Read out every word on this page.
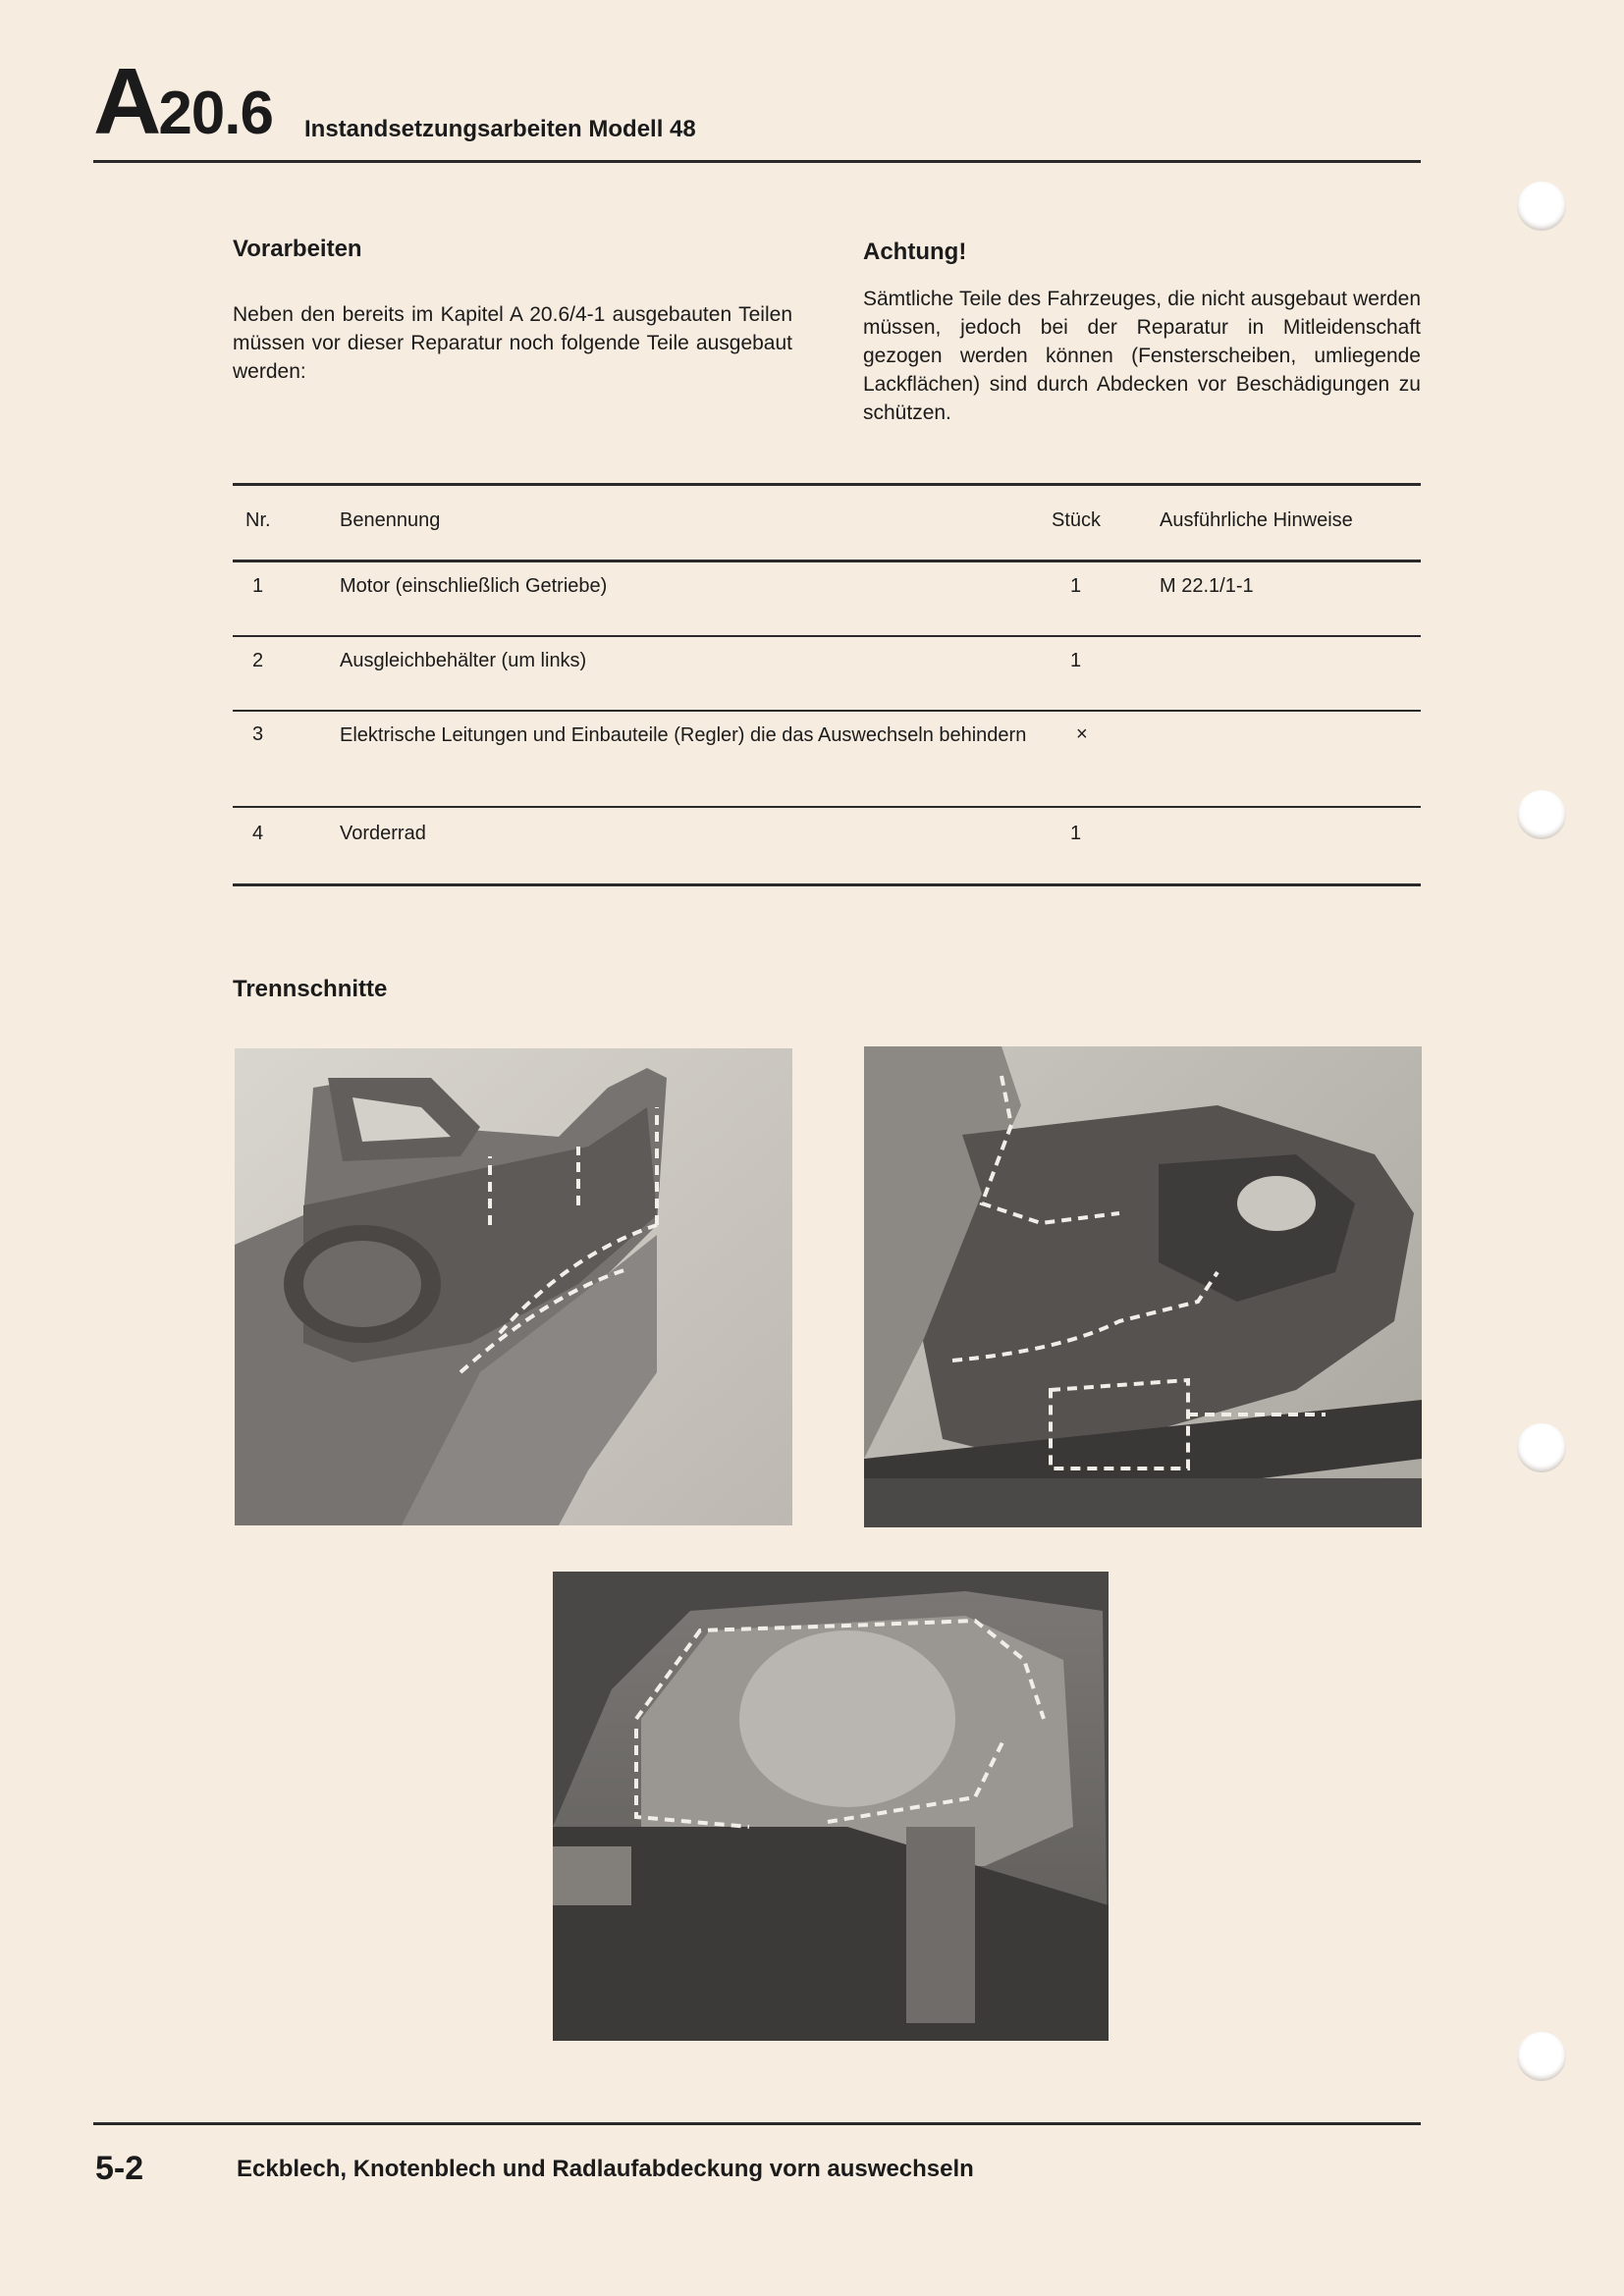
A20.6 Instandsetzungsarbeiten Modell 48
Vorarbeiten
Neben den bereits im Kapitel A 20.6/4-1 ausgebauten Teilen müssen vor dieser Reparatur noch folgende Teile ausgebaut werden:
Achtung!
Sämtliche Teile des Fahrzeuges, die nicht ausgebaut werden müssen, jedoch bei der Reparatur in Mitleidenschaft gezogen werden können (Fensterscheiben, umliegende Lackflächen) sind durch Abdecken vor Beschädigungen zu schützen.
Nr.	Benennung	Stück	Ausführliche Hinweise
1	Motor (einschließlich Getriebe)	1	M 22.1/1-1
2	Ausgleichbehälter (um links)	1
3	Elektrische Leitungen und Einbauteile (Regler) die das Auswechseln behindern	×
4	Vorderrad	1
Trennschnitte
5-2	Eckblech, Knotenblech und Radlaufabdeckung vorn auswechseln
